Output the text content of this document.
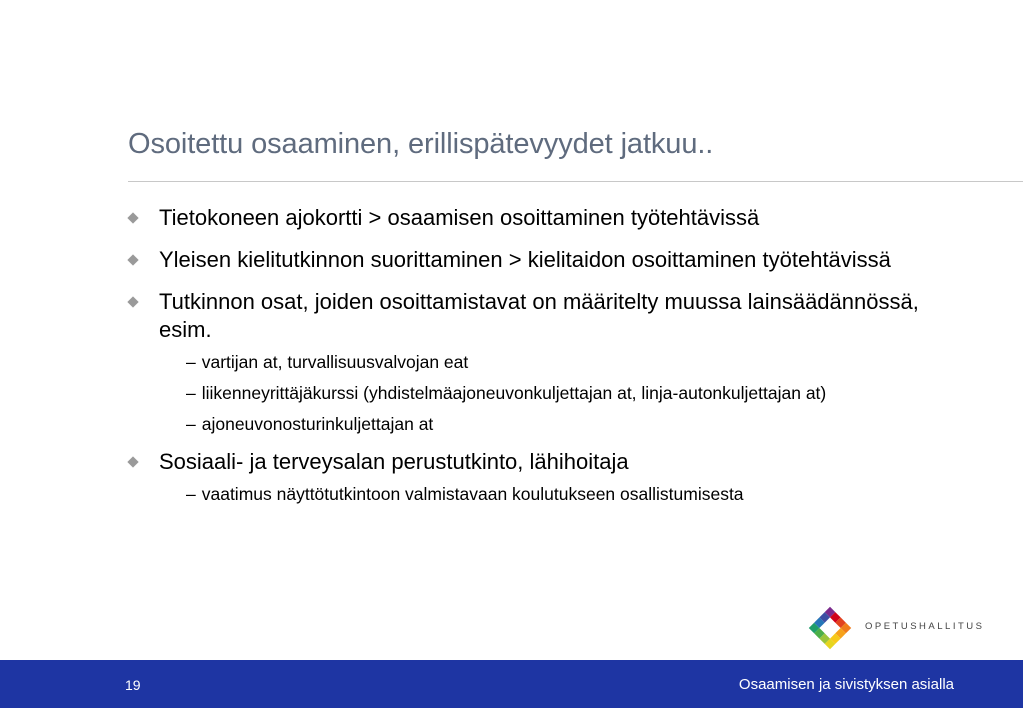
Osoitettu osaaminen, erillispätevyydet jatkuu..
Tietokoneen ajokortti > osaamisen osoittaminen työtehtävissä
Yleisen kielitutkinnon suorittaminen > kielitaidon osoittaminen työtehtävissä
Tutkinnon osat, joiden osoittamistavat on määritelty muussa lainsäädännössä, esim.
– vartijan at, turvallisuusvalvojan eat
– liikenneyrittäjäkurssi (yhdistelmäajoneuvonkuljettajan at, linja-autonkuljettajan at)
– ajoneuvonosturinkuljettajan at
Sosiaali- ja terveysalan perustutkinto, lähihoitaja
– vaatimus näyttötutkintoon valmistavaan koulutukseen osallistumisesta
OPETUSHALLITUS
19	Osaamisen ja sivistyksen asialla
